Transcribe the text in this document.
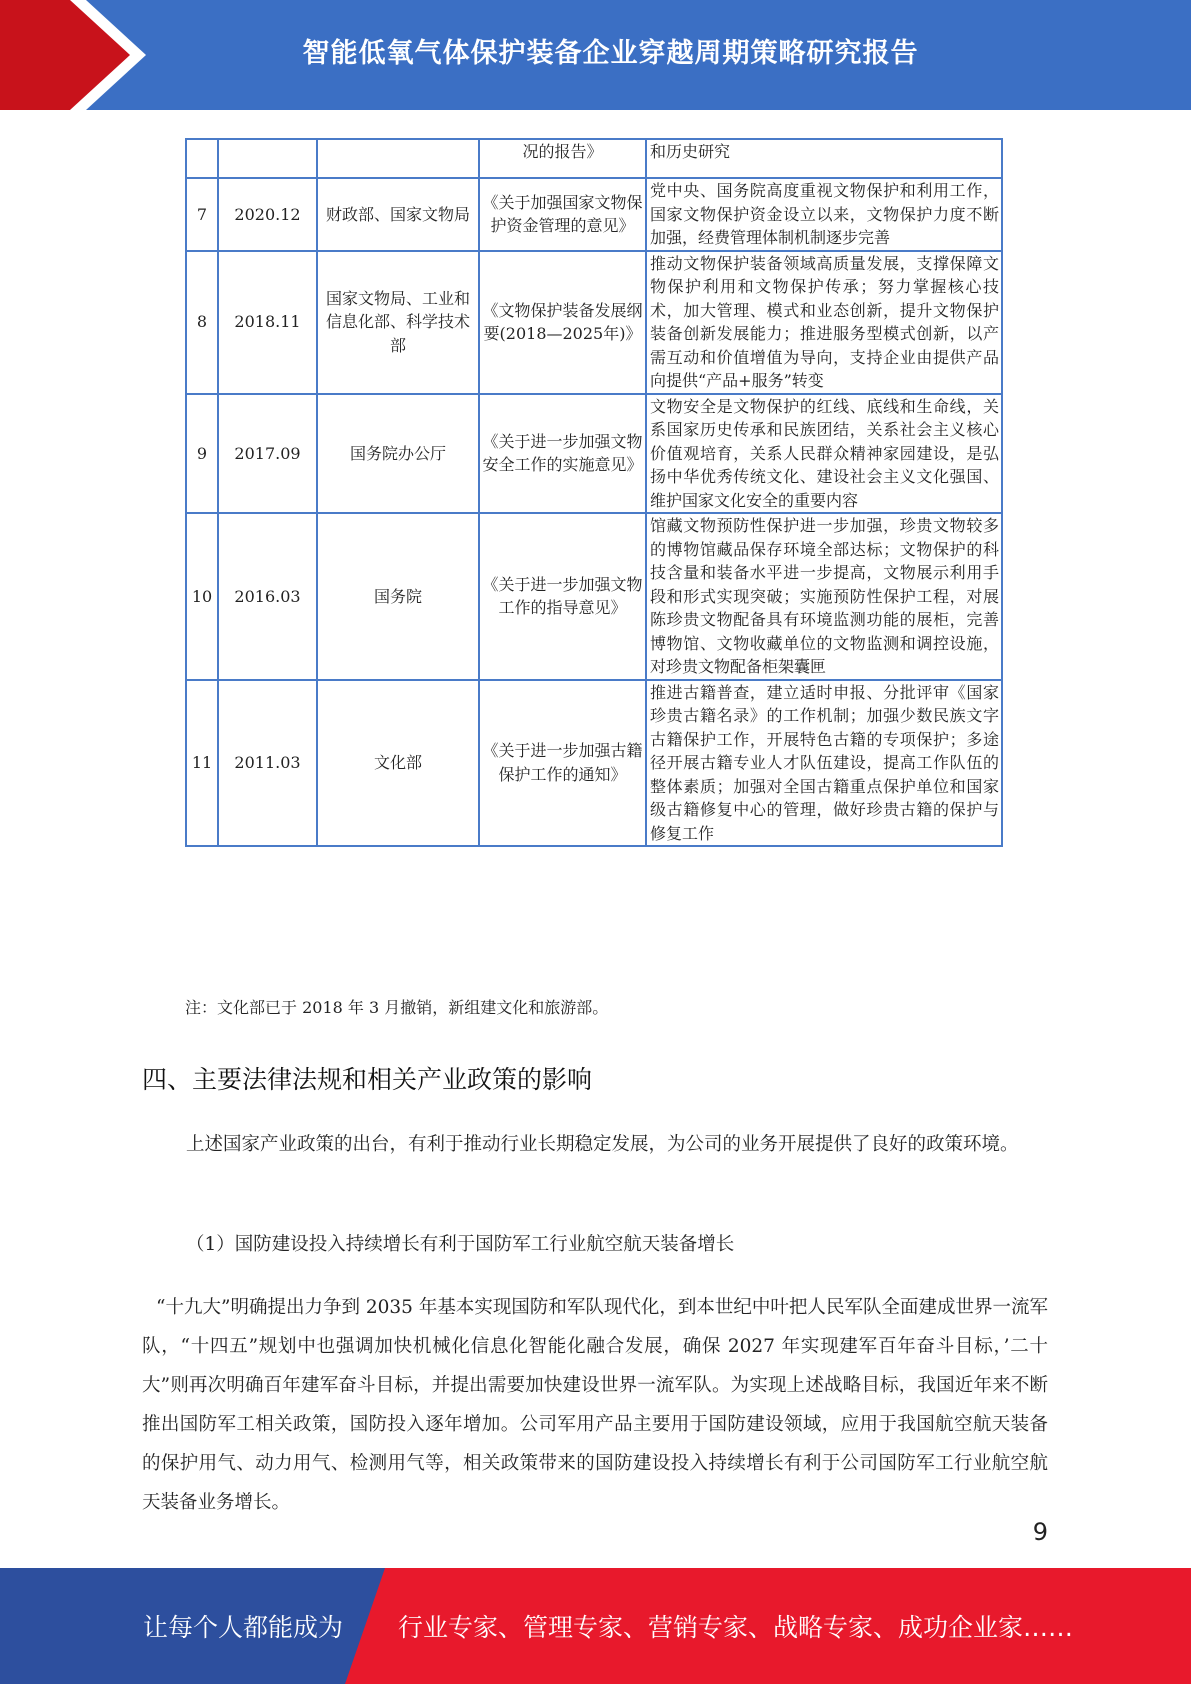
智能低氧气体保护装备企业穿越周期策略研究报告
			况的报告》	和历史研究
7	2020.12	财政部、国家文物局	《关于加强国家文物保护资金管理的意见》	党中央、国务院高度重视文物保护和利用工作，国家文物保护资金设立以来，文物保护力度不断加强，经费管理体制机制逐步完善
8	2018.11	国家文物局、工业和信息化部、科学技术部	《文物保护装备发展纲要(2018—2025年)》	推动文物保护装备领域高质量发展，支撑保障文物保护利用和文物保护传承；努力掌握核心技术，加大管理、模式和业态创新，提升文物保护装备创新发展能力；推进服务型模式创新，以产需互动和价值增值为导向，支持企业由提供产品向提供“产品+服务”转变
9	2017.09	国务院办公厅	《关于进一步加强文物安全工作的实施意见》	文物安全是文物保护的红线、底线和生命线，关系国家历史传承和民族团结，关系社会主义核心价值观培育，关系人民群众精神家园建设，是弘扬中华优秀传统文化、建设社会主义文化强国、维护国家文化安全的重要内容
10	2016.03	国务院	《关于进一步加强文物工作的指导意见》	馆藏文物预防性保护进一步加强，珍贵文物较多的博物馆藏品保存环境全部达标；文物保护的科技含量和装备水平进一步提高，文物展示利用手段和形式实现突破；实施预防性保护工程，对展陈珍贵文物配备具有环境监测功能的展柜，完善博物馆、文物收藏单位的文物监测和调控设施，对珍贵文物配备柜架囊匣
11	2011.03	文化部	《关于进一步加强古籍保护工作的通知》	推进古籍普查，建立适时申报、分批评审《国家珍贵古籍名录》的工作机制；加强少数民族文字古籍保护工作，开展特色古籍的专项保护；多途径开展古籍专业人才队伍建设，提高工作队伍的整体素质；加强对全国古籍重点保护单位和国家级古籍修复中心的管理，做好珍贵古籍的保护与修复工作
注：文化部已于 2018 年 3 月撤销，新组建文化和旅游部。
四、主要法律法规和相关产业政策的影响
上述国家产业政策的出台，有利于推动行业长期稳定发展，为公司的业务开展提供了良好的政策环境。
（1）国防建设投入持续增长有利于国防军工行业航空航天装备增长
“十九大”明确提出力争到 2035 年基本实现国防和军队现代化，到本世纪中叶把人民军队全面建成世界一流军队，“十四五”规划中也强调加快机械化信息化智能化融合发展，确保 2027 年实现建军百年奋斗目标，’二十大”则再次明确百年建军奋斗目标，并提出需要加快建设世界一流军队。为实现上述战略目标，我国近年来不断推出国防军工相关政策，国防投入逐年增加。公司军用产品主要用于国防建设领域，应用于我国航空航天装备的保护用气、动力用气、检测用气等，相关政策带来的国防建设投入持续增长有利于公司国防军工行业航空航天装备业务增长。
9
让每个人都能成为 行业专家、管理专家、营销专家、战略专家、成功企业家……
